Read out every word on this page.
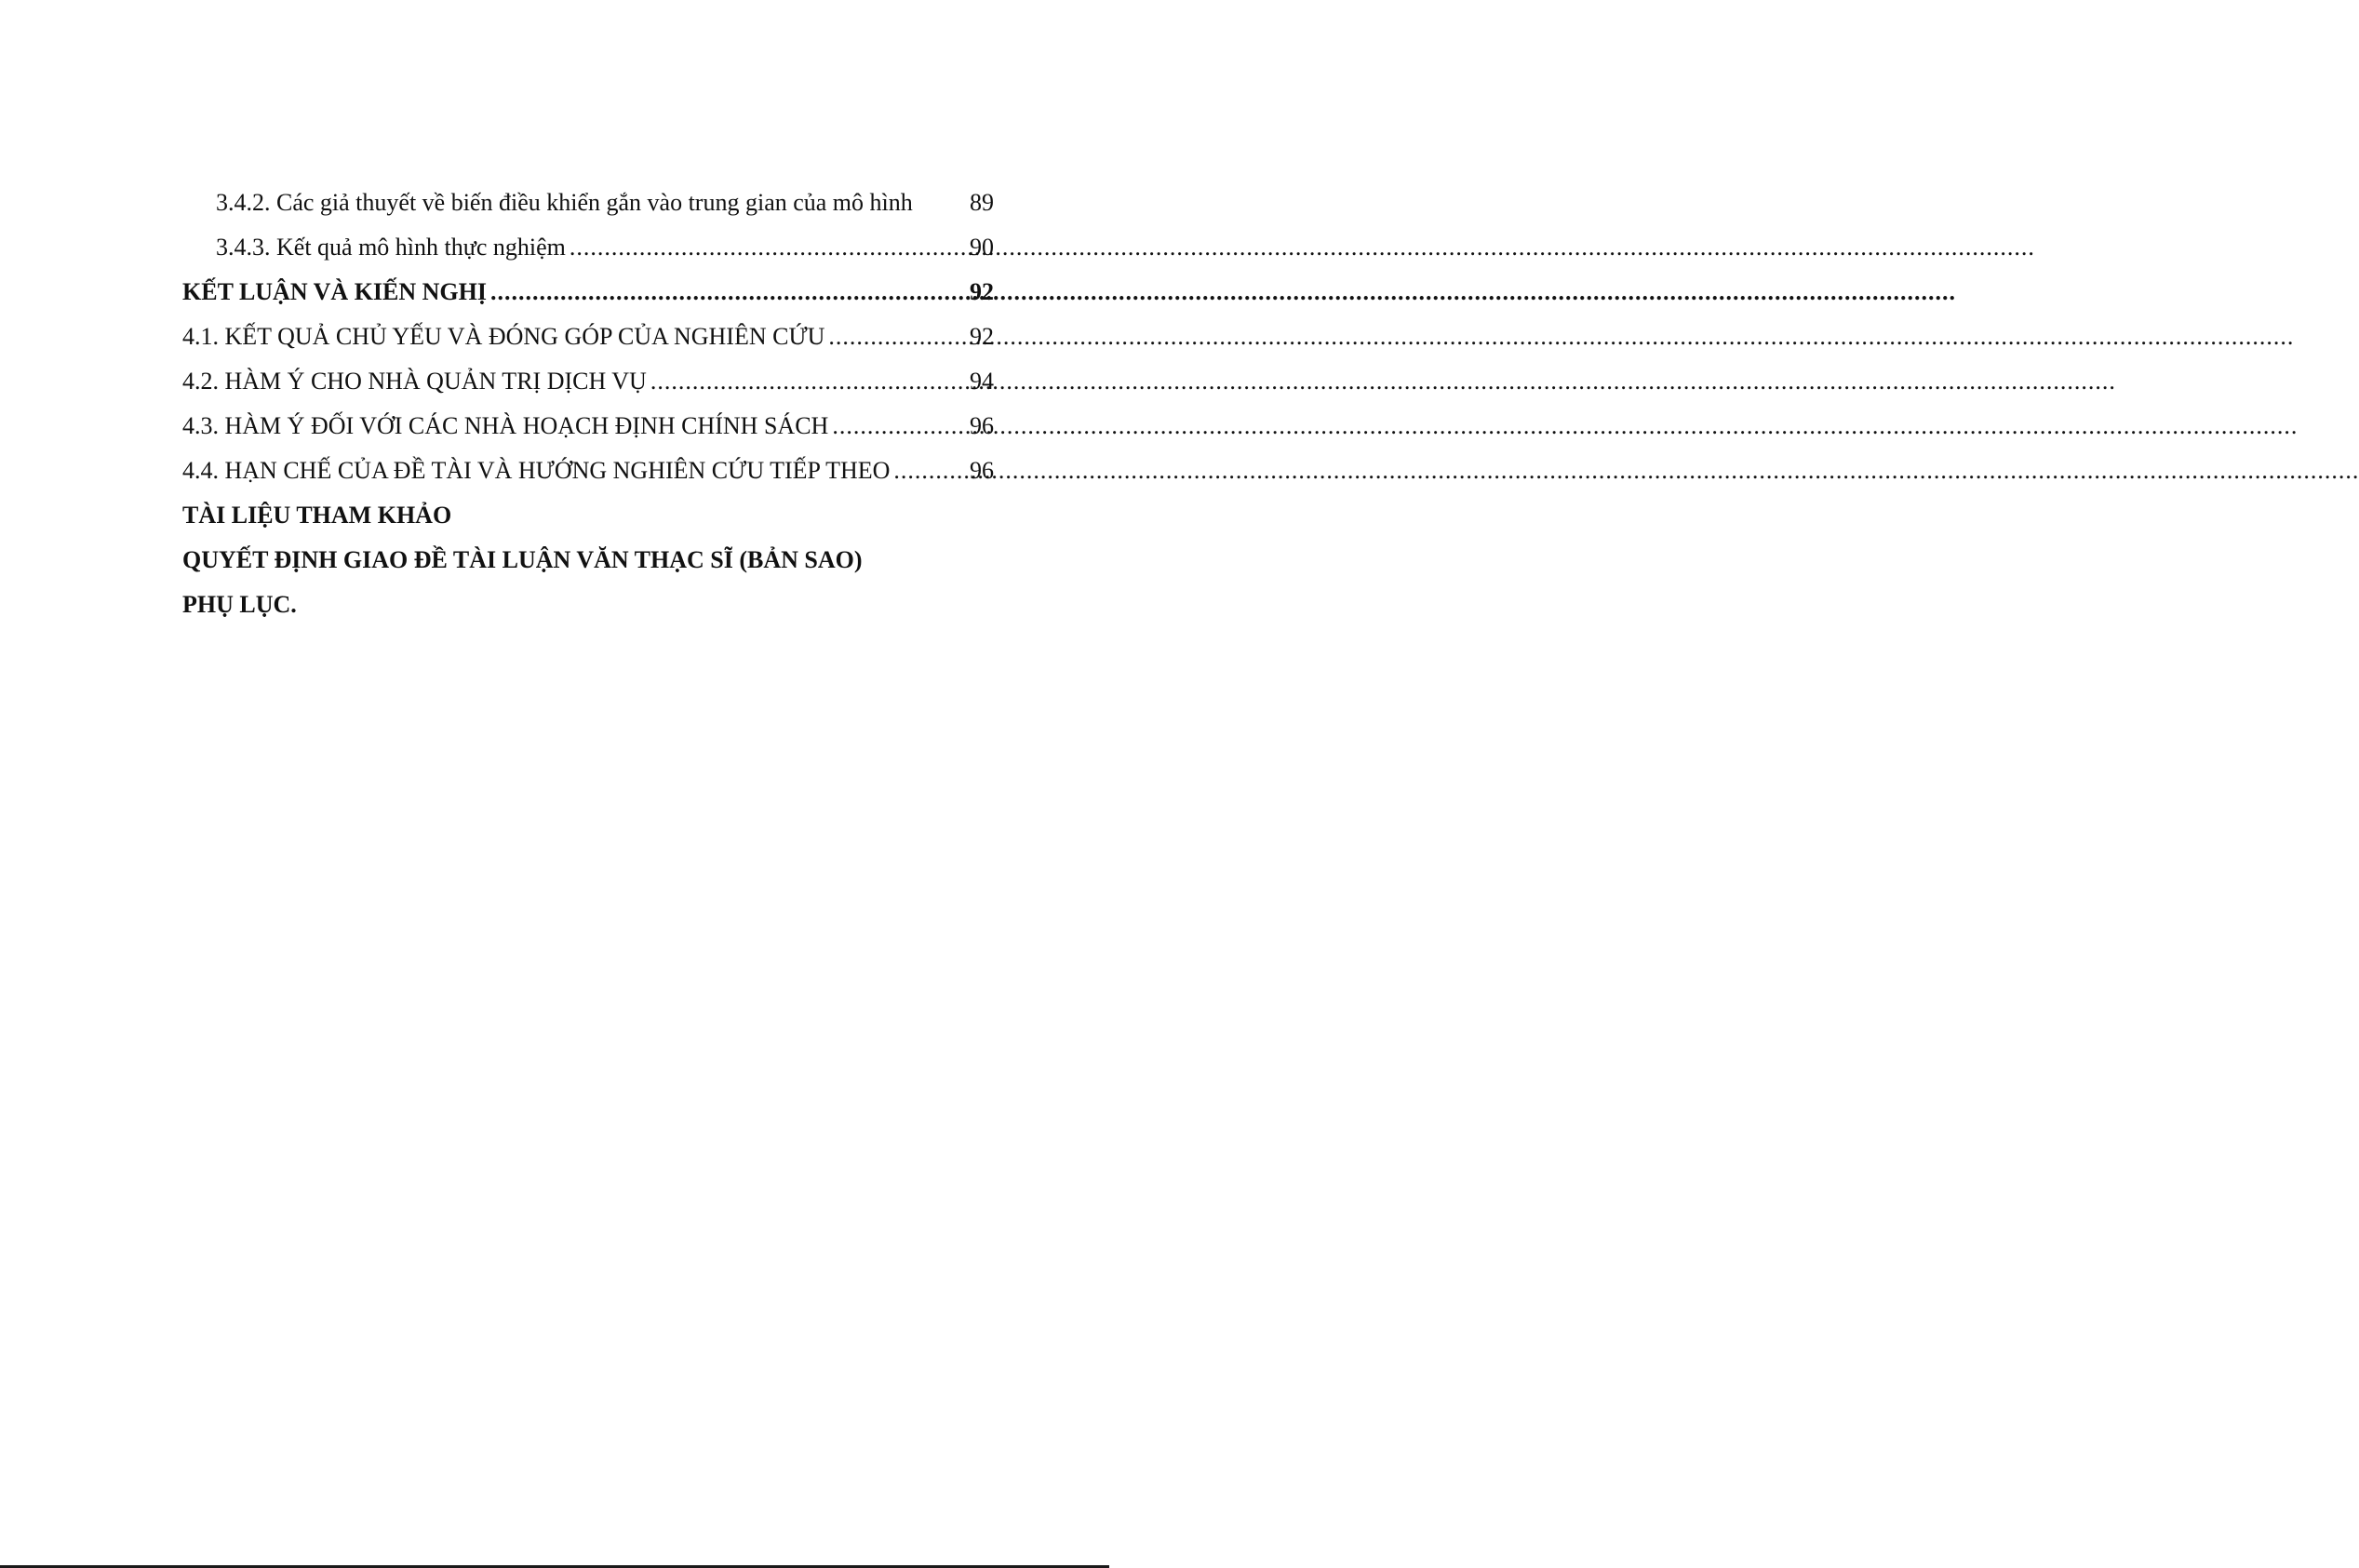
3.4.2. Các giả thuyết về biến điều khiển gắn vào trung gian của mô hình 89
3.4.3. Kết quả mô hình thực nghiệm .....	90
KẾT LUẬN VÀ KIẾN NGHỊ .....	92
4.1. KẾT QUẢ CHỦ YẾU VÀ ĐÓNG GÓP CỦA NGHIÊN CỨU .....	92
4.2. HÀM Ý CHO NHÀ QUẢN TRỊ DỊCH VỤ .....	94
4.3. HÀM Ý ĐỐI VỚI CÁC NHÀ HOẠCH ĐỊNH CHÍNH SÁCH .....	96
4.4. HẠN CHẾ CỦA ĐỀ TÀI VÀ HƯỚNG NGHIÊN CỨU TIẾP THEO .....	96
TÀI LIỆU THAM KHẢO
QUYẾT ĐỊNH GIAO ĐỀ TÀI LUẬN VĂN THẠC SĨ (BẢN SAO)
PHỤ LỤC.
